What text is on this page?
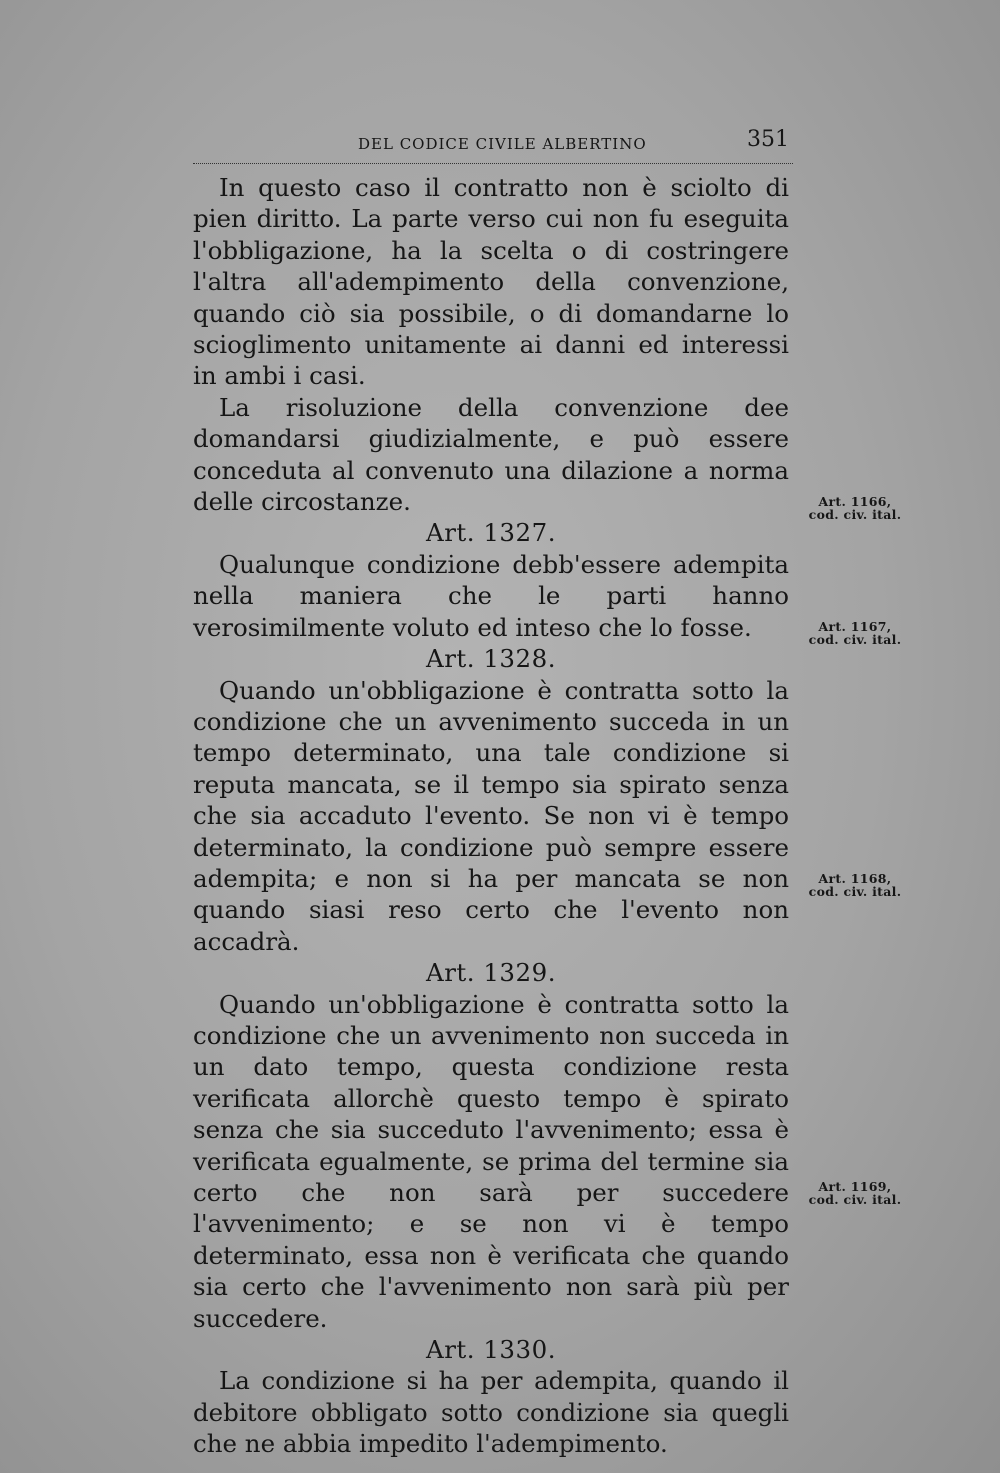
DEL CODICE CIVILE ALBERTINO	351

In questo caso il contratto non è sciolto di pien diritto. La parte verso cui non fu eseguita l'obbligazione, ha la scelta o di costringere l'altra all'adempimento della convenzione, quando ciò sia possibile, o di domandarne lo scioglimento unitamente ai danni ed interessi in ambi i casi.

La risoluzione della convenzione dee domandarsi giudizialmente, e può essere conceduta al convenuto una dilazione a norma delle circostanze.

Art. 1327.

Qualunque condizione debb'essere adempita nella maniera che le parti hanno verosimilmente voluto ed inteso che lo fosse.

Art. 1328.

Quando un'obbligazione è contratta sotto la condizione che un avvenimento succeda in un tempo determinato, una tale condizione si reputa mancata, se il tempo sia spirato senza che sia accaduto l'evento. Se non vi è tempo determinato, la condizione può sempre essere adempita; e non si ha per mancata se non quando siasi reso certo che l'evento non accadrà.

Art. 1329.

Quando un'obbligazione è contratta sotto la condizione che un avvenimento non succeda in un dato tempo, questa condizione resta verificata allorchè questo tempo è spirato senza che sia succeduto l'avvenimento; essa è verificata egualmente, se prima del termine sia certo che non sarà per succedere l'avvenimento; e se non vi è tempo determinato, essa non è verificata che quando sia certo che l'avvenimento non sarà più per succedere.

Art. 1330.

La condizione si ha per adempita, quando il debitore obbligato sotto condizione sia quegli che ne abbia impedito l'adempimento.

Art. 1166,
cod. civ. ital.
Art. 1167,
cod. civ. ital.
Art. 1168,
cod. civ. ital.
Art. 1169,
cod. civ. ital.
